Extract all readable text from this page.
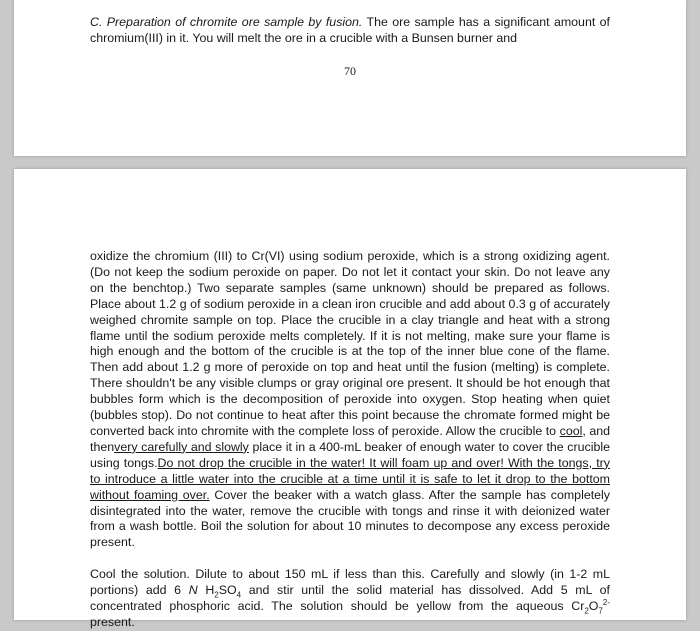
C. Preparation of chromite ore sample by fusion. The ore sample has a significant amount of chromium(III) in it. You will melt the ore in a crucible with a Bunsen burner and

70

oxidize the chromium (III) to Cr(VI) using sodium peroxide, which is a strong oxidizing agent. (Do not keep the sodium peroxide on paper. Do not let it contact your skin. Do not leave any on the benchtop.) Two separate samples (same unknown) should be prepared as follows. Place about 1.2 g of sodium peroxide in a clean iron crucible and add about 0.3 g of accurately weighed chromite sample on top. Place the crucible in a clay triangle and heat with a strong flame until the sodium peroxide melts completely. If it is not melting, make sure your flame is high enough and the bottom of the crucible is at the top of the inner blue cone of the flame. Then add about 1.2 g more of peroxide on top and heat until the fusion (melting) is complete. There shouldn't be any visible clumps or gray original ore present. It should be hot enough that bubbles form which is the decomposition of peroxide into oxygen. Stop heating when quiet (bubbles stop). Do not continue to heat after this point because the chromate formed might be converted back into chromite with the complete loss of peroxide. Allow the crucible to cool, and thenvery carefully and slowly place it in a 400-mL beaker of enough water to cover the crucible using tongs.Do not drop the crucible in the water! It will foam up and over! With the tongs, try to introduce a little water into the crucible at a time until it is safe to let it drop to the bottom without foaming over. Cover the beaker with a watch glass. After the sample has completely disintegrated into the water, remove the crucible with tongs and rinse it with deionized water from a wash bottle. Boil the solution for about 10 minutes to decompose any excess peroxide present.

Cool the solution. Dilute to about 150 mL if less than this. Carefully and slowly (in 1-2 mL portions) add 6 N $H_2SO_4$ and stir until the solid material has dissolved. Add 5 mL of concentrated phosphoric acid. The solution should be yellow from the aqueous $Cr_2O_7^{2-}$ present.
